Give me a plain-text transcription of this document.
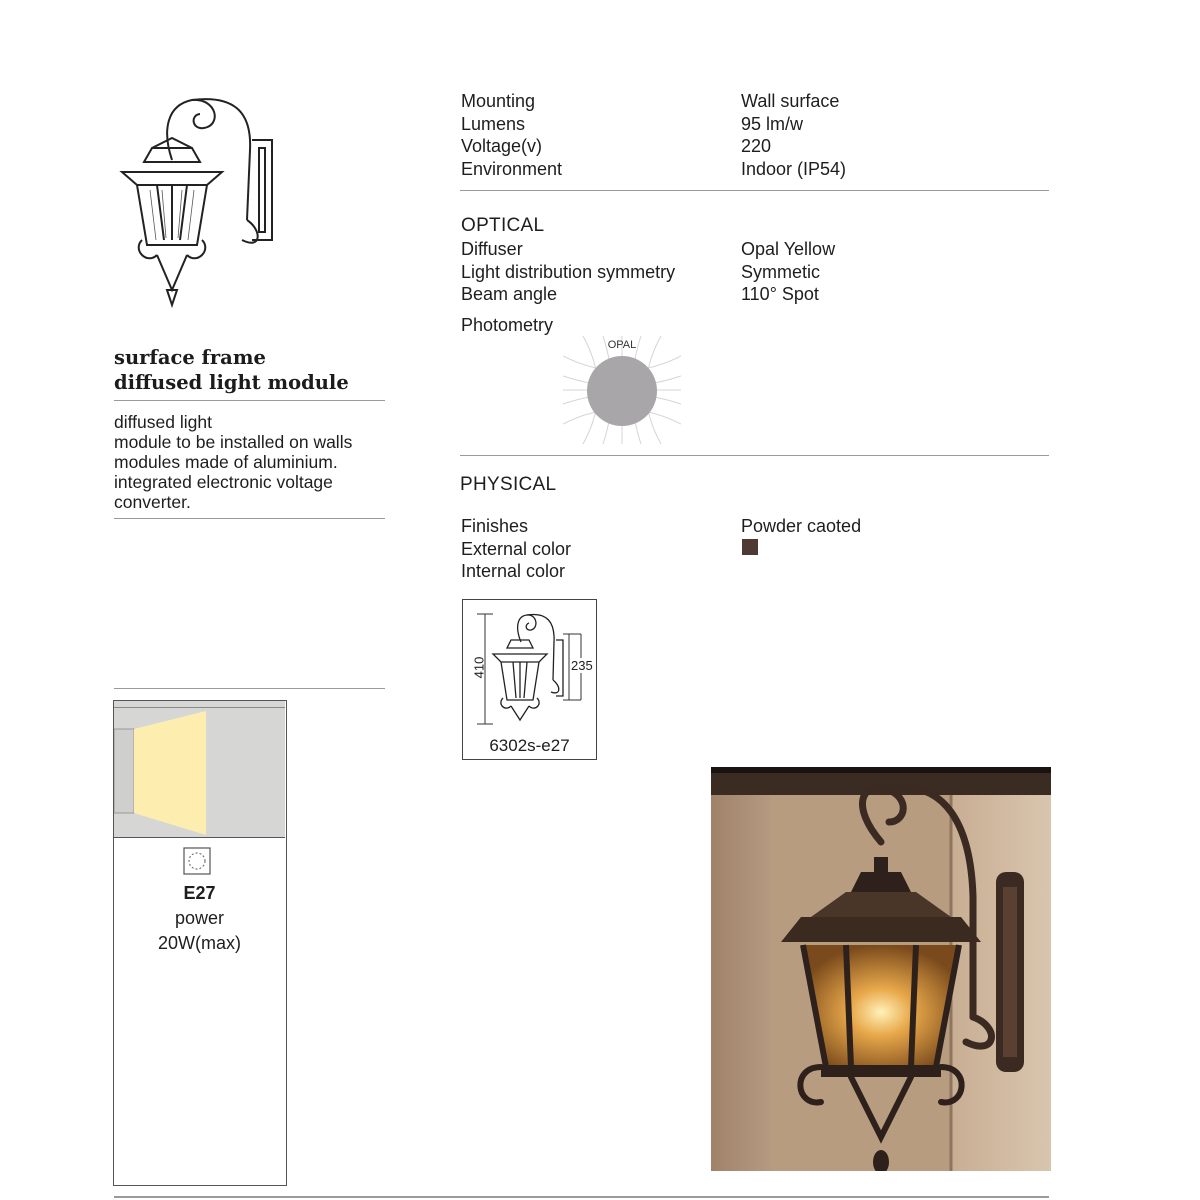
surface frame
diffused light module
diffused light
module to be installed on walls
modules made of aluminium.
integrated electronic voltage
converter.
E27
power
20W(max)
Mounting
Lumens
Voltage(v)
Environment
Wall surface
95 lm/w
220
Indoor (IP54)
OPTICAL
Diffuser
Light distribution symmetry
Beam angle
Opal Yellow
Symmetic
110° Spot
Photometry
OPAL
PHYSICAL
Finishes
External color
Internal color
Powder caoted
410	235
6302s-e27
